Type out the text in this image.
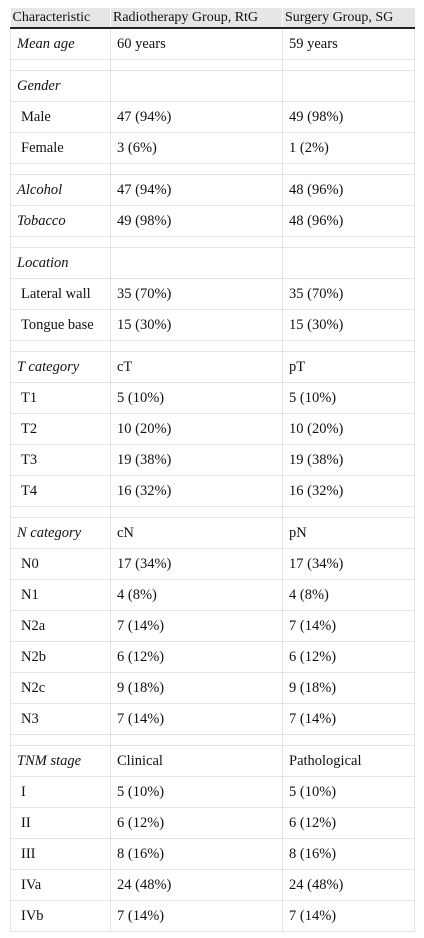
Characteristic	Radiotherapy Group, RtG	Surgery Group, SG
Mean age	60 years	59 years

Gender		
Male	47 (94%)	49 (98%)
Female	3 (6%)	1 (2%)

Alcohol	47 (94%)	48 (96%)
Tobacco	49 (98%)	48 (96%)

Location		
Lateral wall	35 (70%)	35 (70%)
Tongue base	15 (30%)	15 (30%)

T category	cT	pT
T1	5 (10%)	5 (10%)
T2	10 (20%)	10 (20%)
T3	19 (38%)	19 (38%)
T4	16 (32%)	16 (32%)

N category	cN	pN
N0	17 (34%)	17 (34%)
N1	4 (8%)	4 (8%)
N2a	7 (14%)	7 (14%)
N2b	6 (12%)	6 (12%)
N2c	9 (18%)	9 (18%)
N3	7 (14%)	7 (14%)

TNM stage	Clinical	Pathological
I	5 (10%)	5 (10%)
II	6 (12%)	6 (12%)
III	8 (16%)	8 (16%)
IVa	24 (48%)	24 (48%)
IVb	7 (14%)	7 (14%)
